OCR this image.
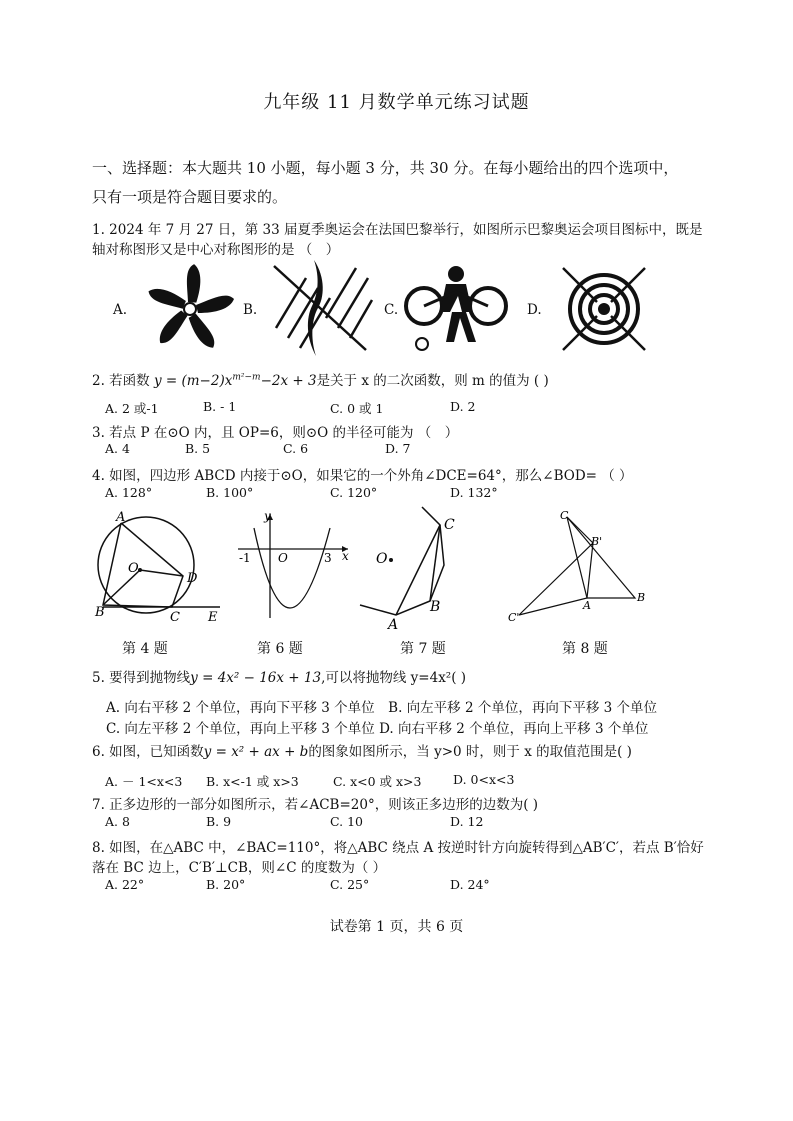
九年级 11 月数学单元练习试题
一、选择题：本大题共 10 小题，每小题 3 分，共 30 分。在每小题给出的四个选项中，
只有一项是符合题目要求的。
1. 2024 年 7 月 27 日，第 33 届夏季奥运会在法国巴黎举行，如图所示巴黎奥运会项目图标中，既是
轴对称图形又是中心对称图形的是 （　）
A.	B.	C.	D.
2. 若函数 $y = (m-2)x^{m^2-m}-2x + 3$是关于 x 的二次函数，则 m 的值为 ( )
A. 2 或-1	B. - 1	C. 0 或 1	D. 2
3. 若点 P 在⊙O 内，且 OP=6，则⊙O 的半径可能为 （　）
A. 4	B. 5	C. 6	D. 7
4. 如图，四边形 ABCD 内接于⊙O，如果它的一个外角∠DCE=64°，那么∠BOD= （ ）
A. 128°	B. 100°	C. 120°	D. 132°
A
O
D
B	C E
y
-1 O	3 x
C
O
B
A
C
B'
A
B
C'
第 4 题	第 6 题	第 7 题	第 8 题
5. 要得到抛物线y = 4x² − 16x + 13,可以将抛物线 y=4x²( )
A. 向右平移 2 个单位，再向下平移 3 个单位　B. 向左平移 2 个单位，再向下平移 3 个单位
C. 向左平移 2 个单位，再向上平移 3 个单位 D. 向右平移 2 个单位，再向上平移 3 个单位
6. 如图，已知函数y = x² + ax + b的图象如图所示，当 y>0 时，则于 x 的取值范围是( )
A. － 1<x<3 B. x<-1 或 x>3	C. x<0 或 x>3	D. 0<x<3
7. 正多边形的一部分如图所示，若∠ACB=20°，则该正多边形的边数为( )
A. 8	B. 9	C. 10	D. 12
8. 如图，在△ABC 中，∠BAC=110°，将△ABC 绕点 A 按逆时针方向旋转得到△AB′C′，若点 B′恰好
落在 BC 边上，C′B′⊥CB，则∠C 的度数为（ ）
A. 22°	B. 20°	C. 25°	D. 24°
试卷第 1 页，共 6 页
